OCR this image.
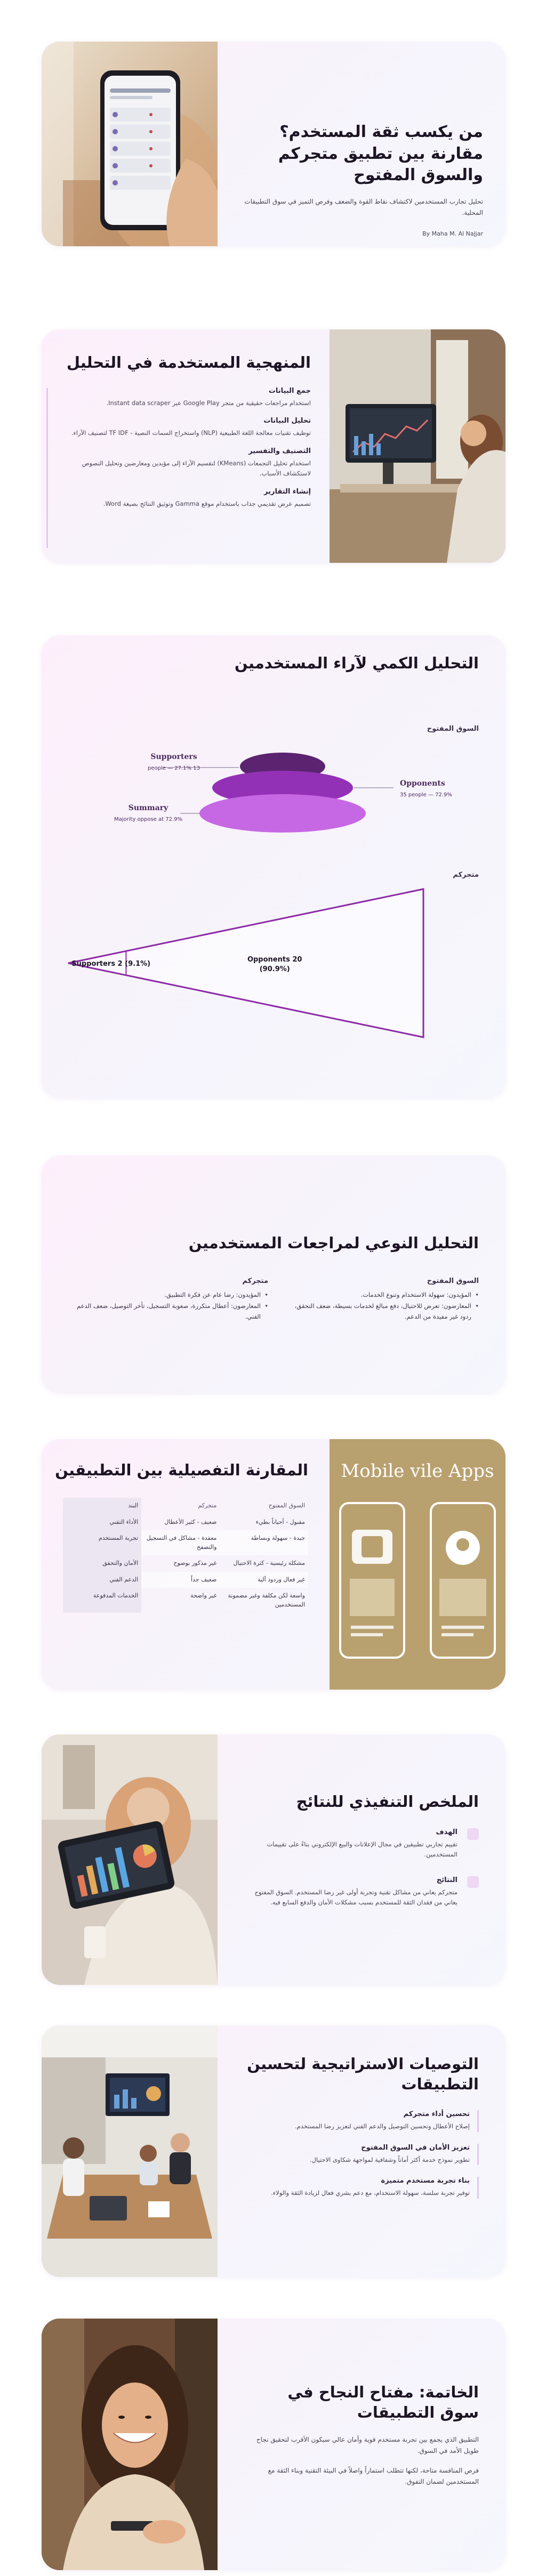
من يكسب ثقة المستخدم؟ مقارنة بين تطبيق متجركم والسوق المفتوح
تحليل تجارب المستخدمين لاكتشاف نقاط القوة والضعف وفرص التميز في سوق التطبيقات المحلية.
By Maha M. Al Najjar
المنهجية المستخدمة في التحليل
جمع البيانات
استخدام مراجعات حقيقية من متجر Google Play عبر Instant data scraper.
تحليل البيانات
توظيف تقنيات معالجة اللغة الطبيعية (NLP) واستخراج السمات النصية - TF IDF لتصنيف الآراء.
التصنيف والتفسير
استخدام تحليل التجمعات (KMeans) لتقسيم الآراء إلى مؤيدين ومعارضين وتحليل النصوص لاستكشاف الأسباب.
إنشاء التقارير
تصميم عرض تقديمي جذاب باستخدام موقع Gamma وتوثيق النتائج بصيغة Word.
التحليل الكمي لآراء المستخدمين
السوق المفتوح
Supporters
13 people — 27.1%
Opponents
35 people — 72.9%
Summary
Majority oppose at 72.9%
متجركم
Supporters 2 (9.1%)
Opponents 20
(90.9%)
التحليل النوعي لمراجعات المستخدمين
السوق المفتوح
• المؤيدون: سهولة الاستخدام وتنوع الخدمات.
• المعارضون: تعرض للاحتيال، دفع مبالغ لخدمات بسيطة، ضعف التحقق، ردود غير مفيدة من الدعم.
متجركم
• المؤيدون: رضا عام عن فكرة التطبيق.
• المعارضون: أعطال متكررة، صعوبة التسجيل، تأخر التوصيل، ضعف الدعم الفني.
Mobile vile Apps
المقارنة التفصيلية بين التطبيقين
السوق المفتوح	متجركم	البند
مقبول - أحياناً بطيء	ضعيف - كثير الأعطال	الأداء التقني
جيدة - سهولة وبساطة	معقدة - مشاكل في التسجيل والتصفح	تجربة المستخدم
مشكلة رئيسية - كثرة الاحتيال	غير مذكور بوضوح	الأمان والتحقق
غير فعال وردود آلية	ضعيف جداً	الدعم الفني
واسعة لكن مكلفة وغير مضمونة المستخدمين	غير واضحة	الخدمات المدفوعة
الملخص التنفيذي للنتائج
الهدف
تقييم تجاربي تطبيقين في مجال الإعلانات والبيع الإلكتروني بناءً على تقييمات المستخدمين.
النتائج
متجركم يعاني من مشاكل تقنية وتجربة أولى غير رضا المستخدم. السوق المفتوح يعاني من فقدان الثقة للمستخدم بسبب مشكلات الأمان والدفع السابع فيه.
التوصيات الاستراتيجية لتحسين التطبيقات
تحسين أداء متجركم
إصلاح الأعطال وتحسين التوصيل والدعم الفني لتعزيز رضا المستخدم.
تعزيز الأمان في السوق المفتوح
تطوير نموذج خدمة أكثر أماناً وشفافية لمواجهة شكاوى الاحتيال.
بناء تجربة مستخدم متميزة
توفير تجربة سلسة، سهولة الاستخدام، مع دعم بشري فعال لزيادة الثقة والولاء.
الخاتمة: مفتاح النجاح في سوق التطبيقات
التطبيق الذي يجمع بين تجربة مستخدم قوية وأمان عالي سيكون الأقرب لتحقيق نجاح طويل الأمد في السوق.
فرص المنافسة متاحة، لكنها تتطلب استماراً واصلاً في البيئة التقنية وبناء الثقة مع المستخدمين لضمان التفوق.
